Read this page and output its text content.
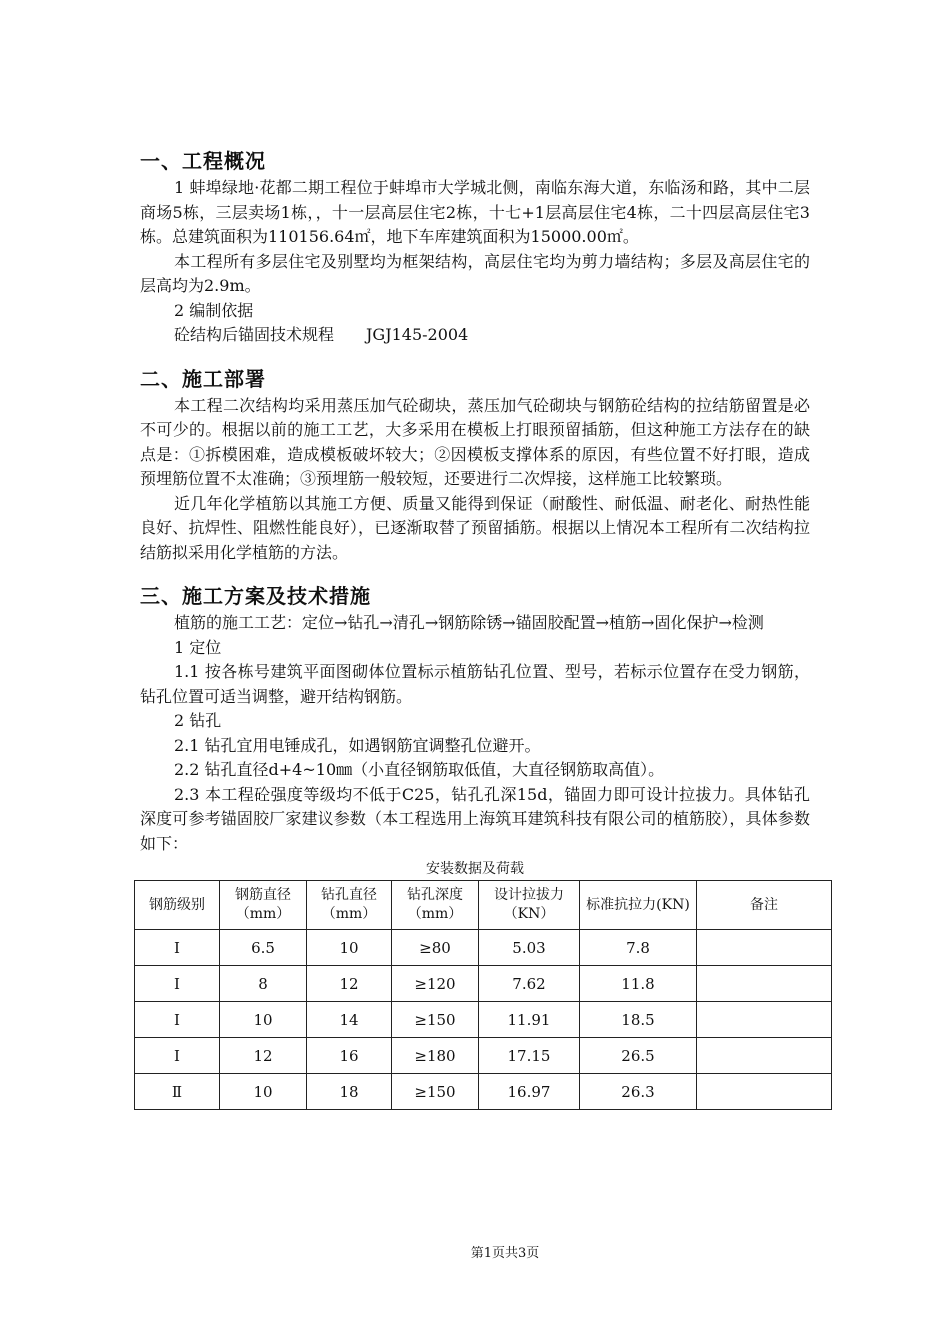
一、工程概况

1 蚌埠绿地·花都二期工程位于蚌埠市大学城北侧，南临东海大道，东临汤和路，其中二层商场5栋，三层卖场1栋，，十一层高层住宅2栋，十七+1层高层住宅4栋，二十四层高层住宅3栋。总建筑面积为110156.64㎡，地下车库建筑面积为15000.00㎡。

本工程所有多层住宅及别墅均为框架结构，高层住宅均为剪力墙结构；多层及高层住宅的层高均为2.9m。

2 编制依据

砼结构后锚固技术规程　　JGJ145-2004

二、施工部署

本工程二次结构均采用蒸压加气砼砌块，蒸压加气砼砌块与钢筋砼结构的拉结筋留置是必不可少的。根据以前的施工工艺，大多采用在模板上打眼预留插筋，但这种施工方法存在的缺点是：①拆模困难，造成模板破坏较大；②因模板支撑体系的原因，有些位置不好打眼，造成预埋筋位置不太准确；③预埋筋一般较短，还要进行二次焊接，这样施工比较繁琐。

近几年化学植筋以其施工方便、质量又能得到保证（耐酸性、耐低温、耐老化、耐热性能良好、抗焊性、阻燃性能良好），已逐渐取替了预留插筋。根据以上情况本工程所有二次结构拉结筋拟采用化学植筋的方法。

三、施工方案及技术措施

植筋的施工工艺：定位→钻孔→清孔→钢筋除锈→锚固胶配置→植筋→固化保护→检测

1 定位

1.1 按各栋号建筑平面图砌体位置标示植筋钻孔位置、型号，若标示位置存在受力钢筋，钻孔位置可适当调整，避开结构钢筋。

2 钻孔

2.1 钻孔宜用电锤成孔，如遇钢筋宜调整孔位避开。

2.2 钻孔直径d+4~10㎜（小直径钢筋取低值，大直径钢筋取高值）。

2.3 本工程砼强度等级均不低于C25，钻孔孔深15d，锚固力即可设计拉拔力。具体钻孔深度可参考锚固胶厂家建议参数（本工程选用上海筑耳建筑科技有限公司的植筋胶），具体参数如下：

安装数据及荷载
钢筋级别	钢筋直径（mm）	钻孔直径（mm）	钻孔深度（mm）	设计拉拔力（KN）	标准抗拉力(KN)	备注
Ⅰ	6.5	10	≥80	5.03	7.8	
Ⅰ	8	12	≥120	7.62	11.8	
Ⅰ	10	14	≥150	11.91	18.5	
Ⅰ	12	16	≥180	17.15	26.5	
Ⅱ	10	18	≥150	16.97	26.3	
第1页共3页
